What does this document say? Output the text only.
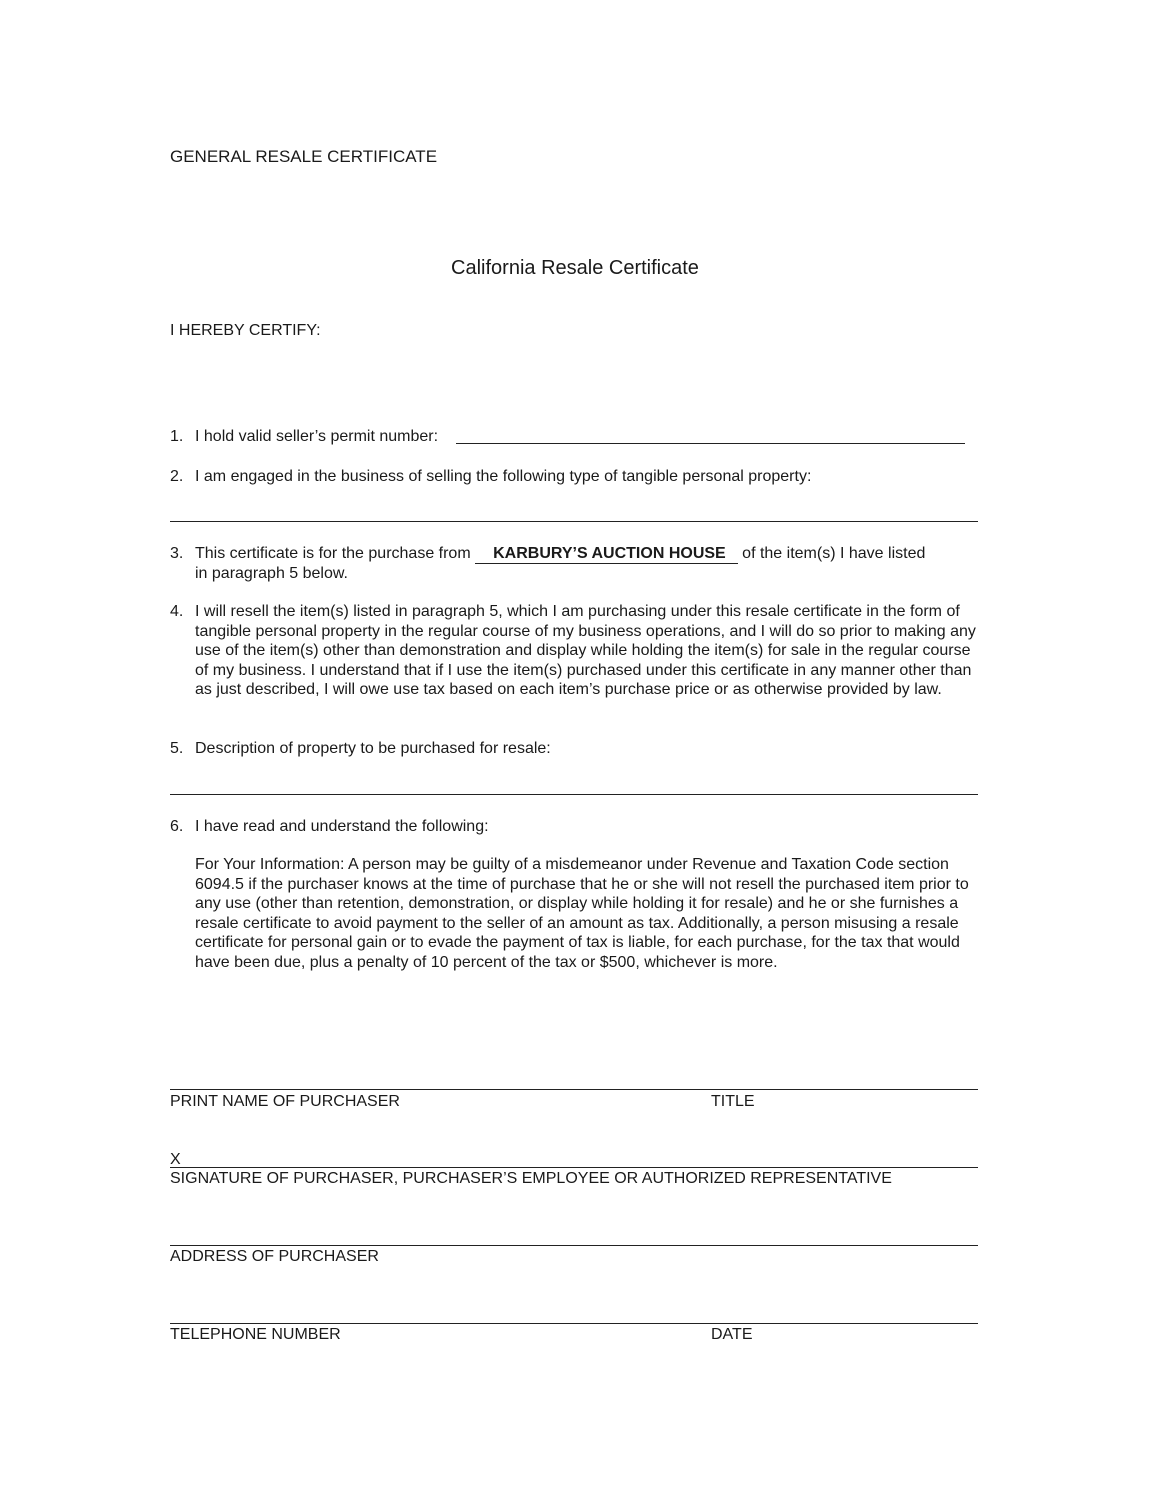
GENERAL RESALE CERTIFICATE
California Resale Certificate
I HEREBY CERTIFY:
1. I hold valid seller’s permit number:
2. I am engaged in the business of selling the following type of tangible personal property:
3. This certificate is for the purchase from KARBURY’S AUCTION HOUSE of the item(s) I have listed
in paragraph 5 below.
4. I will resell the item(s) listed in paragraph 5, which I am purchasing under this resale certificate in the form of tangible personal property in the regular course of my business operations, and I will do so prior to making any use of the item(s) other than demonstration and display while holding the item(s) for sale in the regular course of my business. I understand that if I use the item(s) purchased under this certificate in any manner other than as just described, I will owe use tax based on each item’s purchase price or as otherwise provided by law.
5. Description of property to be purchased for resale:
6. I have read and understand the following:
For Your Information: A person may be guilty of a misdemeanor under Revenue and Taxation Code section 6094.5 if the purchaser knows at the time of purchase that he or she will not resell the purchased item prior to any use (other than retention, demonstration, or display while holding it for resale) and he or she furnishes a resale certificate to avoid payment to the seller of an amount as tax. Additionally, a person misusing a resale certificate for personal gain or to evade the payment of tax is liable, for each purchase, for the tax that would have been due, plus a penalty of 10 percent of the tax or $500, whichever is more.
PRINT NAME OF PURCHASER	TITLE
X
SIGNATURE OF PURCHASER, PURCHASER’S EMPLOYEE OR AUTHORIZED REPRESENTATIVE
ADDRESS OF PURCHASER
TELEPHONE NUMBER	DATE
